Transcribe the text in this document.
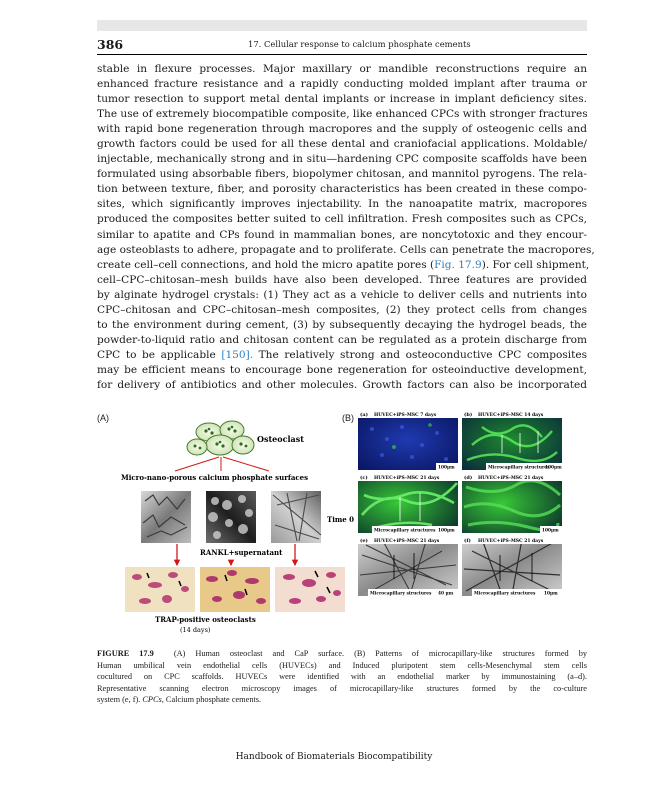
386	17. Cellular response to calcium phosphate cements
stable in flexure processes. Major maxillary or mandible reconstructions require an
enhanced fracture resistance and a rapidly conducting molded implant after trauma or
tumor resection to support metal dental implants or increase in implant deficiency sites.
The use of extremely biocompatible composite, like enhanced CPCs with stronger fractures
with rapid bone regeneration through macropores and the supply of osteogenic cells and
growth factors could be used for all these dental and craniofacial applications. Moldable/
injectable, mechanically strong and in situ—hardening CPC composite scaffolds have been
formulated using absorbable fibers, biopolymer chitosan, and mannitol pyrogens. The rela-
tion between texture, fiber, and porosity characteristics has been created in these compo-
sites, which significantly improves injectability. In the nanoapatite matrix, macropores
produced the composites better suited to cell infiltration. Fresh composites such as CPCs,
similar to apatite and CPs found in mammalian bones, are noncytotoxic and they encour-
age osteoblasts to adhere, propagate and to proliferate. Cells can penetrate the macropores,
create cell–cell connections, and hold the micro apatite pores (Fig. 17.9). For cell shipment,
cell–CPC–chitosan–mesh builds have also been developed. Three features are provided
by alginate hydrogel crystals: (1) They act as a vehicle to deliver cells and nutrients into
CPC–chitosan and CPC–chitosan–mesh composites, (2) they protect cells from changes
to the environment during cement, (3) by subsequently decaying the hydrogel beads, the
powder-to-liquid ratio and chitosan content can be regulated as a protein discharge from
CPC to be applicable [150]. The relatively strong and osteoconductive CPC composites
may be efficient means to encourage bone regeneration for osteoinductive development,
for delivery of antibiotics and other molecules. Growth factors can also be incorporated
(A)
Osteoclast
Micro-nano-porous calcium phosphate surfaces
Time 0
RANKL+supernatant
TRAP-positive osteoclasts
(14 days)
(B) (a) HUVEC+iPS-MSC 7 days
100μm
(b) HUVEC+iPS-MSC 14 days
Microcapillary structures
100μm
(c) HUVEC+iPS-MSC 21 days
Microcapillary structures 100μm
(d) HUVEC+iPS-MSC 21 days
100μm
(e) HUVEC+iPS-MSC 21 days
Microcapillary structures 40 μm
(f) HUVEC+iPS-MSC 21 days
Microcapillary structures 10μm
FIGURE 17.9 (A) Human osteoclast and CaP surface. (B) Patterns of microcapillary-like structures formed by
Human umbilical vein endothelial cells (HUVECs) and Induced pluripotent stem cells-Mesenchymal stem cells
cocultured on CPC scaffolds. HUVECs were identified with an endothelial marker by immunostaining (a–d).
Representative scanning electron microscopy images of microcapillary-like structures formed by the co-culture
system (e, f). CPCs, Calcium phosphate cements.
Handbook of Biomaterials Biocompatibility
